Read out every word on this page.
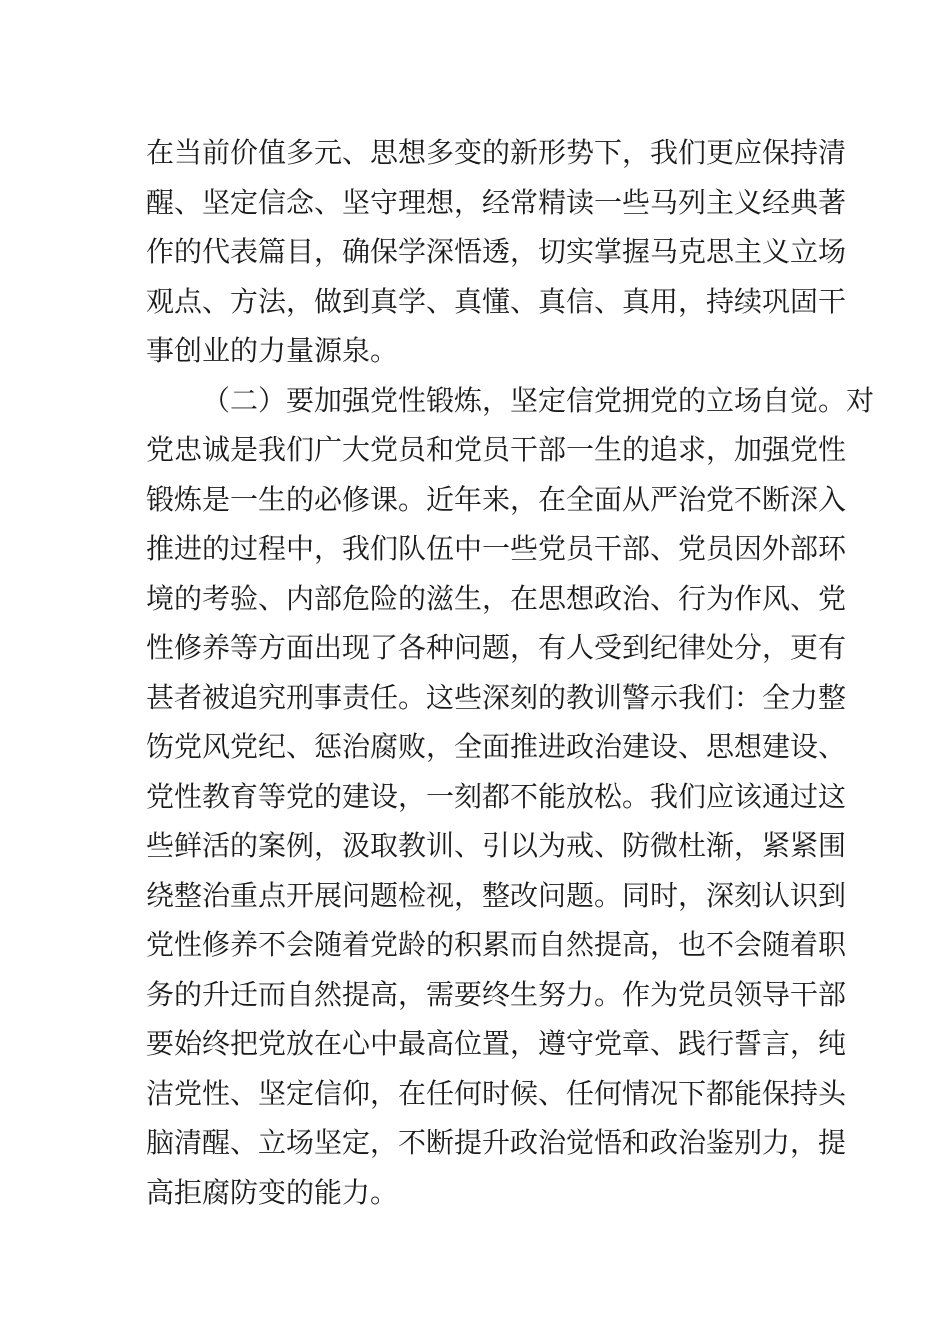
在当前价值多元、思想多变的新形势下，我们更应保持清
醒、坚定信念、坚守理想，经常精读一些马列主义经典著
作的代表篇目，确保学深悟透，切实掌握马克思主义立场
观点、方法，做到真学、真懂、真信、真用，持续巩固干
事创业的力量源泉。
（二）要加强党性锻炼，坚定信党拥党的立场自觉。对
党忠诚是我们广大党员和党员干部一生的追求，加强党性
锻炼是一生的必修课。近年来，在全面从严治党不断深入
推进的过程中，我们队伍中一些党员干部、党员因外部环
境的考验、内部危险的滋生，在思想政治、行为作风、党
性修养等方面出现了各种问题，有人受到纪律处分，更有
甚者被追究刑事责任。这些深刻的教训警示我们：全力整
饬党风党纪、惩治腐败，全面推进政治建设、思想建设、
党性教育等党的建设，一刻都不能放松。我们应该通过这
些鲜活的案例，汲取教训、引以为戒、防微杜渐，紧紧围
绕整治重点开展问题检视，整改问题。同时，深刻认识到
党性修养不会随着党龄的积累而自然提高，也不会随着职
务的升迁而自然提高，需要终生努力。作为党员领导干部
要始终把党放在心中最高位置，遵守党章、践行誓言，纯
洁党性、坚定信仰，在任何时候、任何情况下都能保持头
脑清醒、立场坚定，不断提升政治觉悟和政治鉴别力，提
高拒腐防变的能力。
